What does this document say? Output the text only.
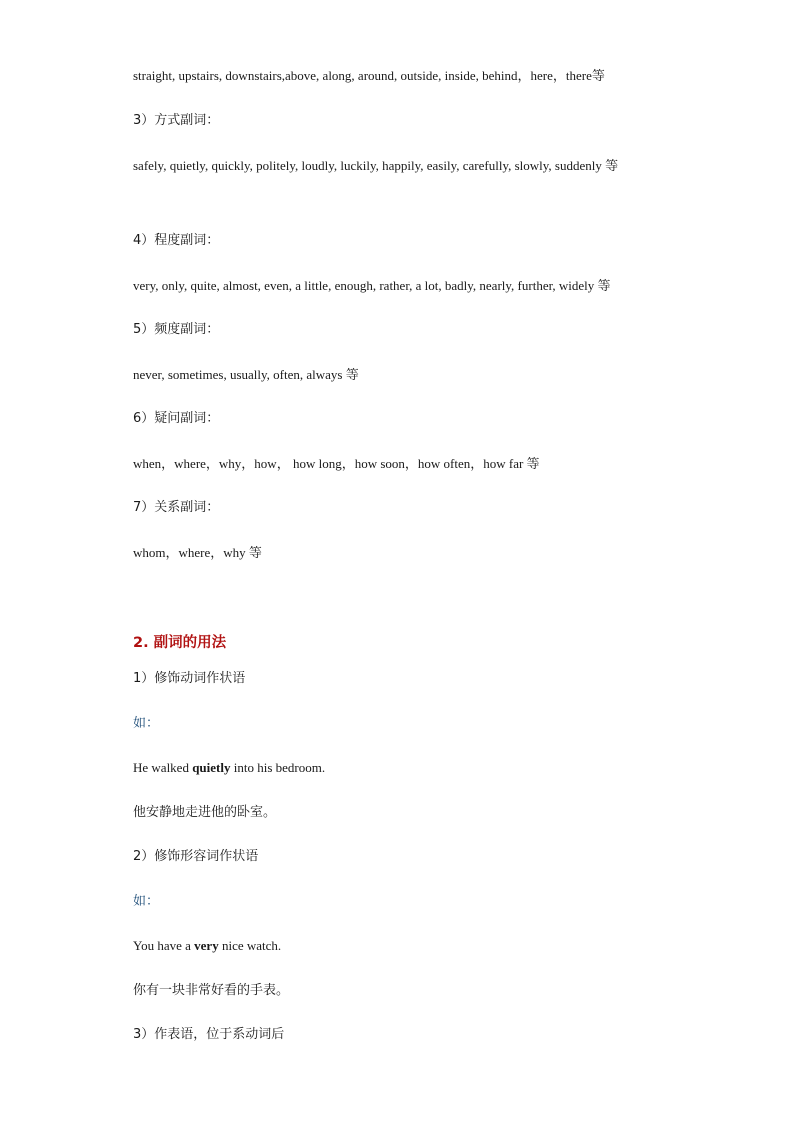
straight, upstairs, downstairs,above, along, around, outside, inside, behind，here，there等
3）方式副词：
safely, quietly, quickly, politely, loudly, luckily, happily, easily, carefully, slowly, suddenly 等
4）程度副词：
very, only, quite, almost, even, a little, enough, rather, a lot, badly, nearly, further, widely 等
5）频度副词：
never, sometimes, usually, often, always 等
6）疑问副词：
when，where，why，how， how long，how soon，how often，how far 等
7）关系副词：
whom，where，why 等
2. 副词的用法
1）修饰动词作状语
如：
He walked quietly into his bedroom.
他安静地走进他的卧室。
2）修饰形容词作状语
如：
You have a very nice watch.
你有一块非常好看的手表。
3）作表语，位于系动词后
